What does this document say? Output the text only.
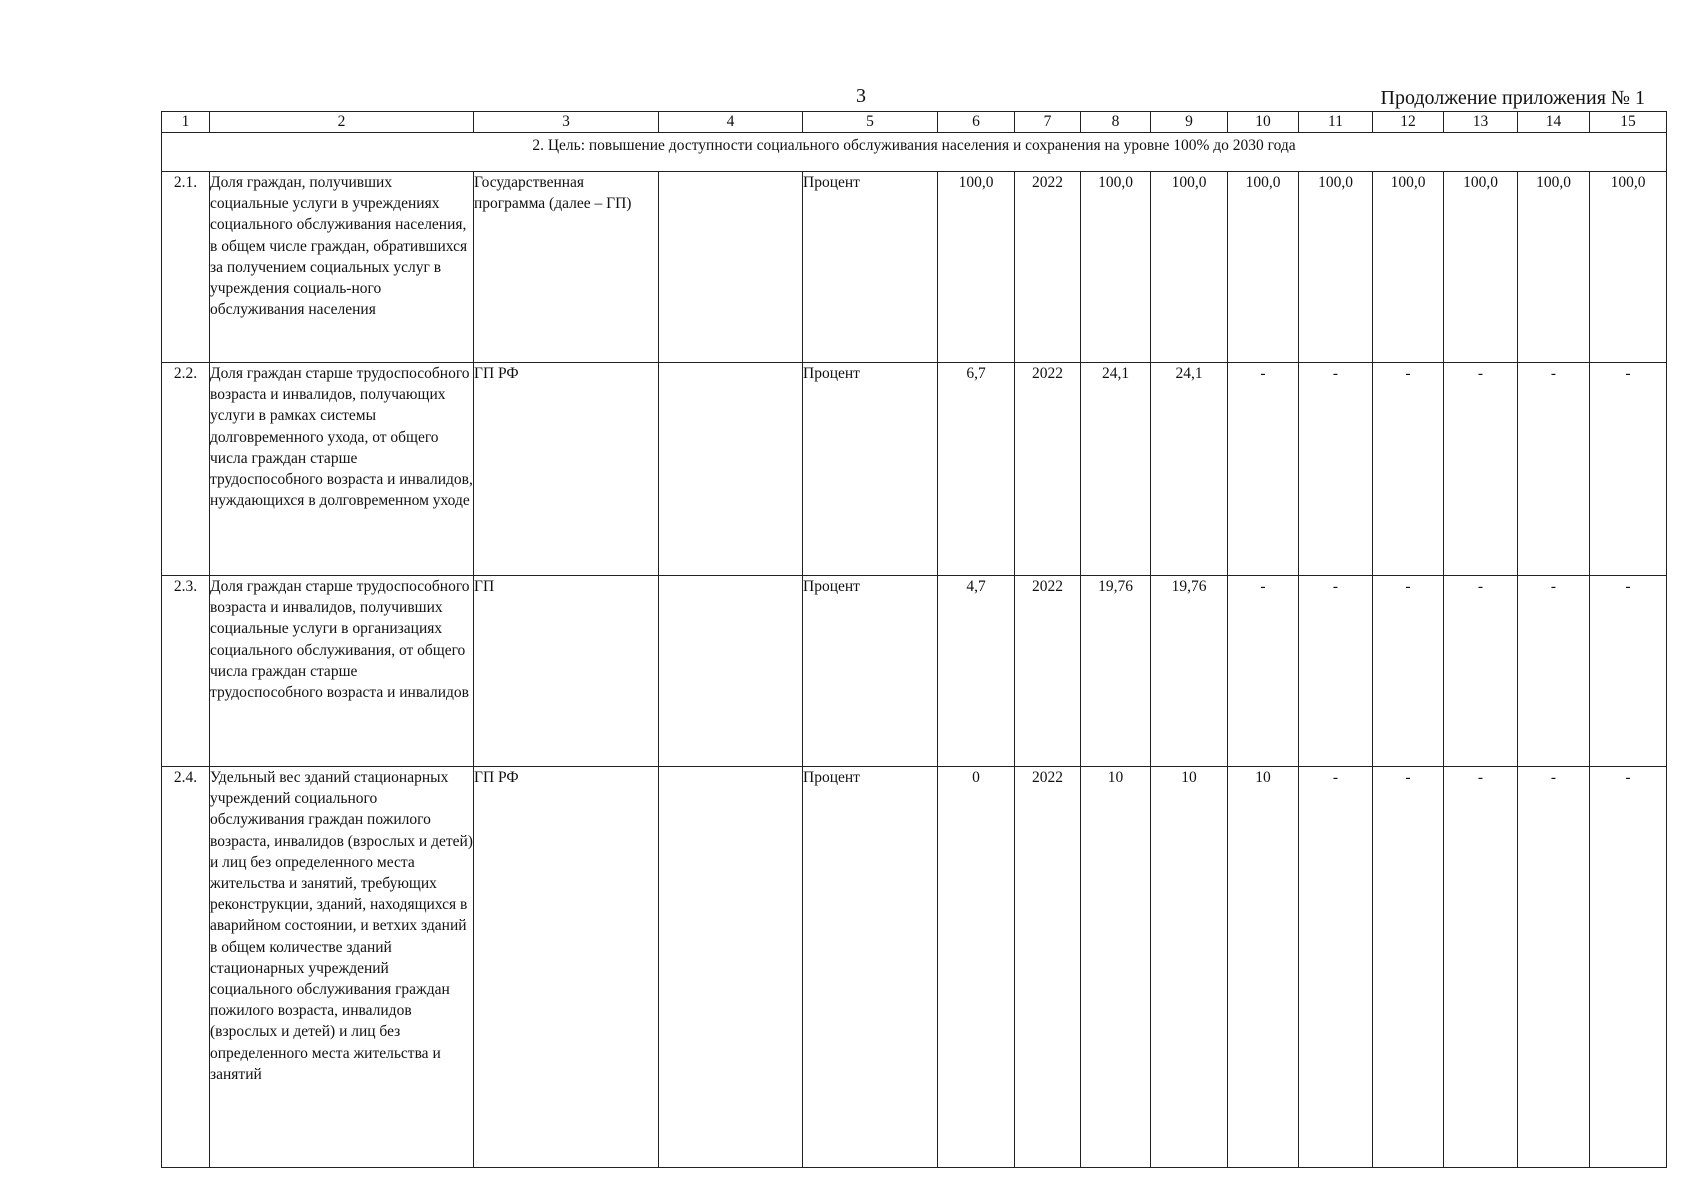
3	Продолжение приложения № 1
1	2	3	4	5	6	7	8	9	10	11	12	13	14	15
2. Цель: повышение доступности социального обслуживания населения и сохранения на уровне 100% до 2030 года														
2.1.	Доля граждан, получивших социальные услуги в учреждениях социального обслуживания населения, в общем числе граждан, обратившихся за получением социальных услуг в учреждения социаль-ного обслуживания населения	Государственная программа (далее – ГП)		Процент	100,0	2022	100,0	100,0	100,0	100,0	100,0	100,0	100,0	100,0
2.2.	Доля граждан старше трудоспособного возраста и инвалидов, получающих услуги в рамках системы долговременного ухода, от общего числа граждан старше трудоспособного возраста и инвалидов, нуждающихся в долговременном уходе	ГП РФ		Процент	6,7	2022	24,1	24,1	-	-	-	-	-	-
2.3.	Доля граждан старше трудоспособного возраста и инвалидов, получивших социальные услуги в организациях социального обслуживания, от общего числа граждан старше трудоспособного возраста и инвалидов	ГП		Процент	4,7	2022	19,76	19,76	-	-	-	-	-	-
2.4.	Удельный вес зданий стационарных учреждений социального обслуживания граждан пожилого возраста, инвалидов (взрослых и детей) и лиц без определенного места жительства и занятий, требующих реконструкции, зданий, находящихся в аварийном состоянии, и ветхих зданий в общем количестве зданий стационарных учреждений социального обслуживания граждан пожилого возраста, инвалидов (взрослых и детей) и лиц без определенного места жительства и занятий	ГП РФ		Процент	0	2022	10	10	10	-	-	-	-	-
